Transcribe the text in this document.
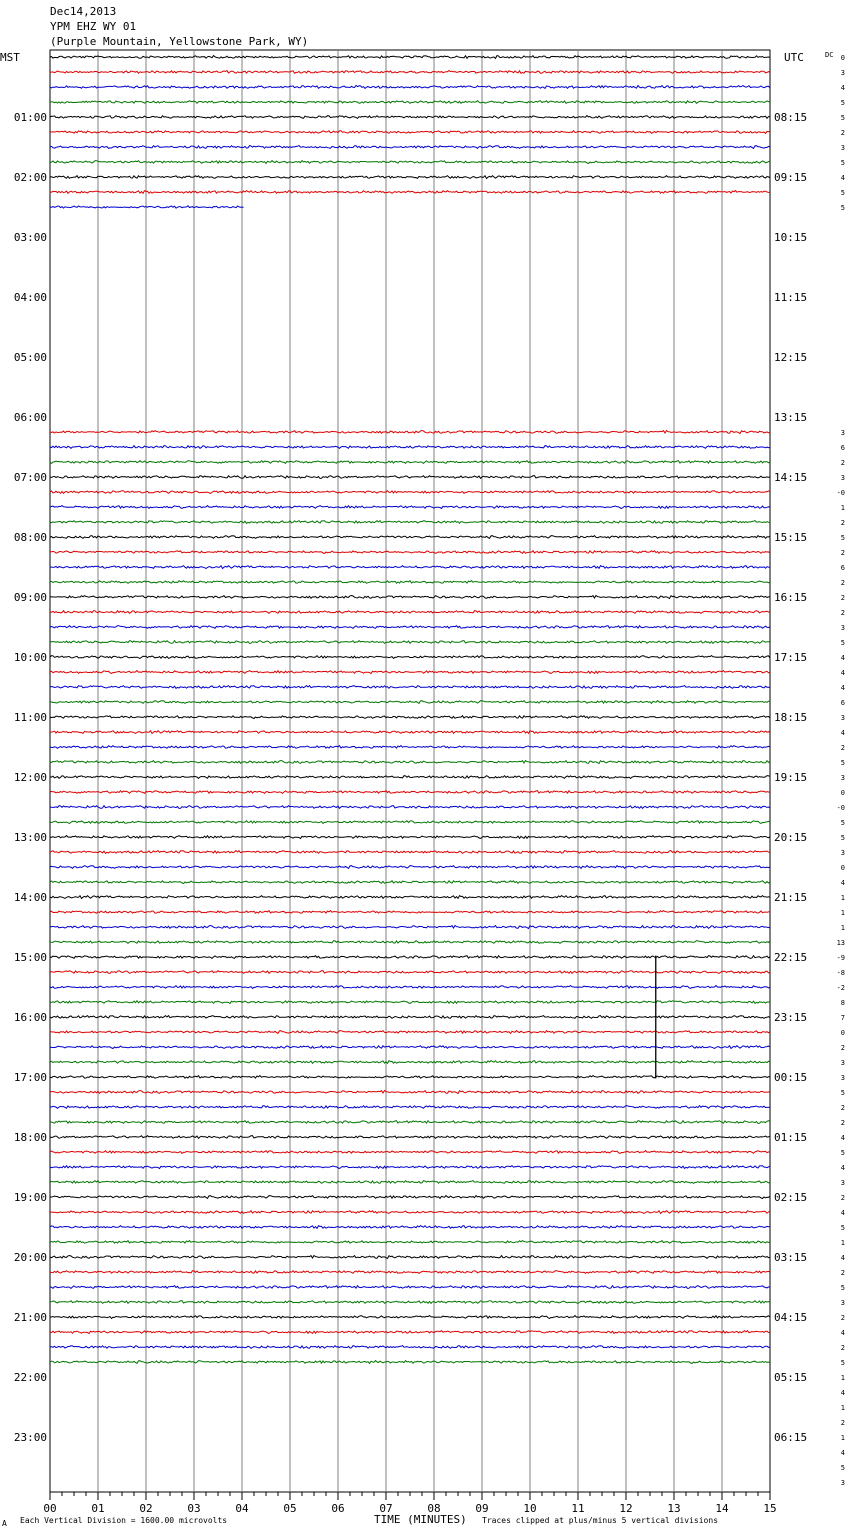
Dec14,2013
YPM EHZ WY 01
(Purple Mountain, Yellowstone Park, WY)
MST	UTC	DC
TIME (MINUTES)
Each Vertical Division = 1600.00 microvolts	Traces clipped at plus/minus 5 vertical divisions
A
00	01	02	03	04	05	06	07	08	09	10	11	12	13	14	15
01:00
02:00
03:00
04:00
05:00
06:00
07:00
08:00
09:00
10:00
11:00
12:00
13:00
14:00
15:00
16:00
17:00
18:00
19:00
20:00
21:00
22:00
23:00
08:15
09:15
10:15
11:15
12:15
13:15
14:15
15:15
16:15
17:15
18:15
19:15
20:15
21:15
22:15
23:15
00:15
01:15
02:15
03:15
04:15
05:15
06:15
0
3
4
5
5
2
3
5
4
5
5
3
6
2
3
-0
1
2
5
2
6
2
2
2
3
5
4
4
4
6
3
4
2
5
3
0
-0
5
5
3
0
4
1
1
1
13
-9
-8
-2
8
7
0
2
3
3
5
2
2
4
5
4
3
2
4
5
1
4
2
5
3
2
4
2
5
1
4
1
2
1
4
5
3
